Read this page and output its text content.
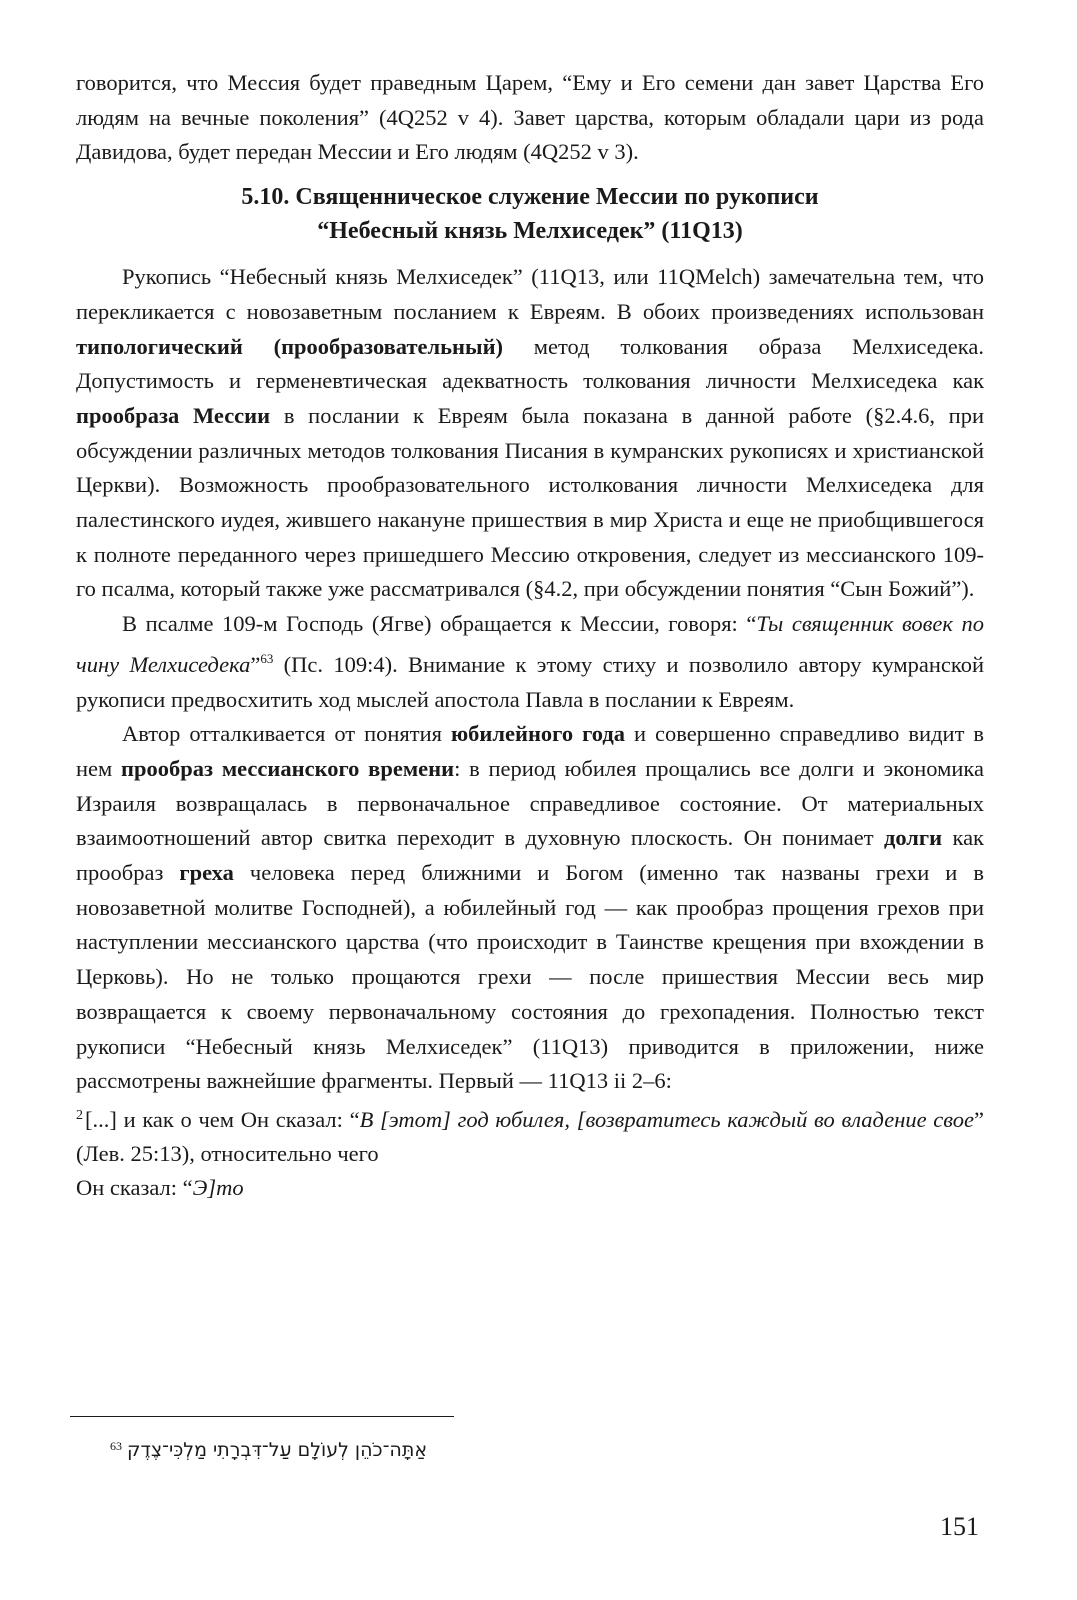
говорится, что Мессия будет праведным Царем, “Ему и Его семени дан завет Царства Его людям на вечные поколения” (4Q252 v 4). Завет царства, которым обладали цари из рода Давидова, будет передан Мессии и Его людям (4Q252 v 3).

5.10. Священническое служение Мессии по рукописи
“Небесный князь Мелхиседек” (11Q13)

Рукопись “Небесный князь Мелхиседек” (11Q13, или 11QMelch) замечательна тем, что перекликается с новозаветным посланием к Евреям. В обоих произведениях использован типологический (прообразовательный) метод толкования образа Мелхиседека. Допустимость и герменевтическая адекватность толкования личности Мелхиседека как прообраза Мессии в послании к Евреям была показана в данной работе (§2.4.6, при обсуждении различных методов толкования Писания в кумранских рукописях и христианской Церкви). Возможность прообразовательного истолкования личности Мелхиседека для палестинского иудея, жившего накануне пришествия в мир Христа и еще не приобщившегося к полноте переданного через пришедшего Мессию откровения, следует из мессианского 109-го псалма, который также уже рассматривался (§4.2, при обсуждении понятия “Сын Божий”).

В псалме 109-м Господь (Ягве) обращается к Мессии, говоря: “Ты священник вовек по чину Мелхиседека”$^{63}$ (Пс. 109:4). Внимание к этому стиху и позволило автору кумранской рукописи предвосхитить ход мыслей апостола Павла в послании к Евреям.

Автор отталкивается от понятия юбилейного года и совершенно справедливо видит в нем прообраз мессианского времени: в период юбилея прощались все долги и экономика Израиля возвращалась в первоначальное справедливое состояние. От материальных взаимоотношений автор свитка переходит в духовную плоскость. Он понимает долги как прообраз греха человека перед ближними и Богом (именно так названы грехи и в новозаветной молитве Господней), а юбилейный год — как прообраз прощения грехов при наступлении мессианского царства (что происходит в Таинстве крещения при вхождении в Церковь). Но не только прощаются грехи — после пришествия Мессии весь мир возвращается к своему первоначальному состояния до грехопадения. Полностью текст рукописи “Небесный князь Мелхиседек” (11Q13) приводится в приложении, ниже рассмотрены важнейшие фрагменты. Первый — 11Q13 ii 2–6:

$^2$[...] и как о чем Он сказал: “В [этот] год юбилея, [возвратитесь каждый во владение свое” (Лев. 25:13), относительно чего
Он сказал: “Э]то

$^{63}$ אַתָּה־כֹהֵן לְעוֹלָם עַל־דִּבְרָתִי מַלְכִּי־צֶדֶק
151
